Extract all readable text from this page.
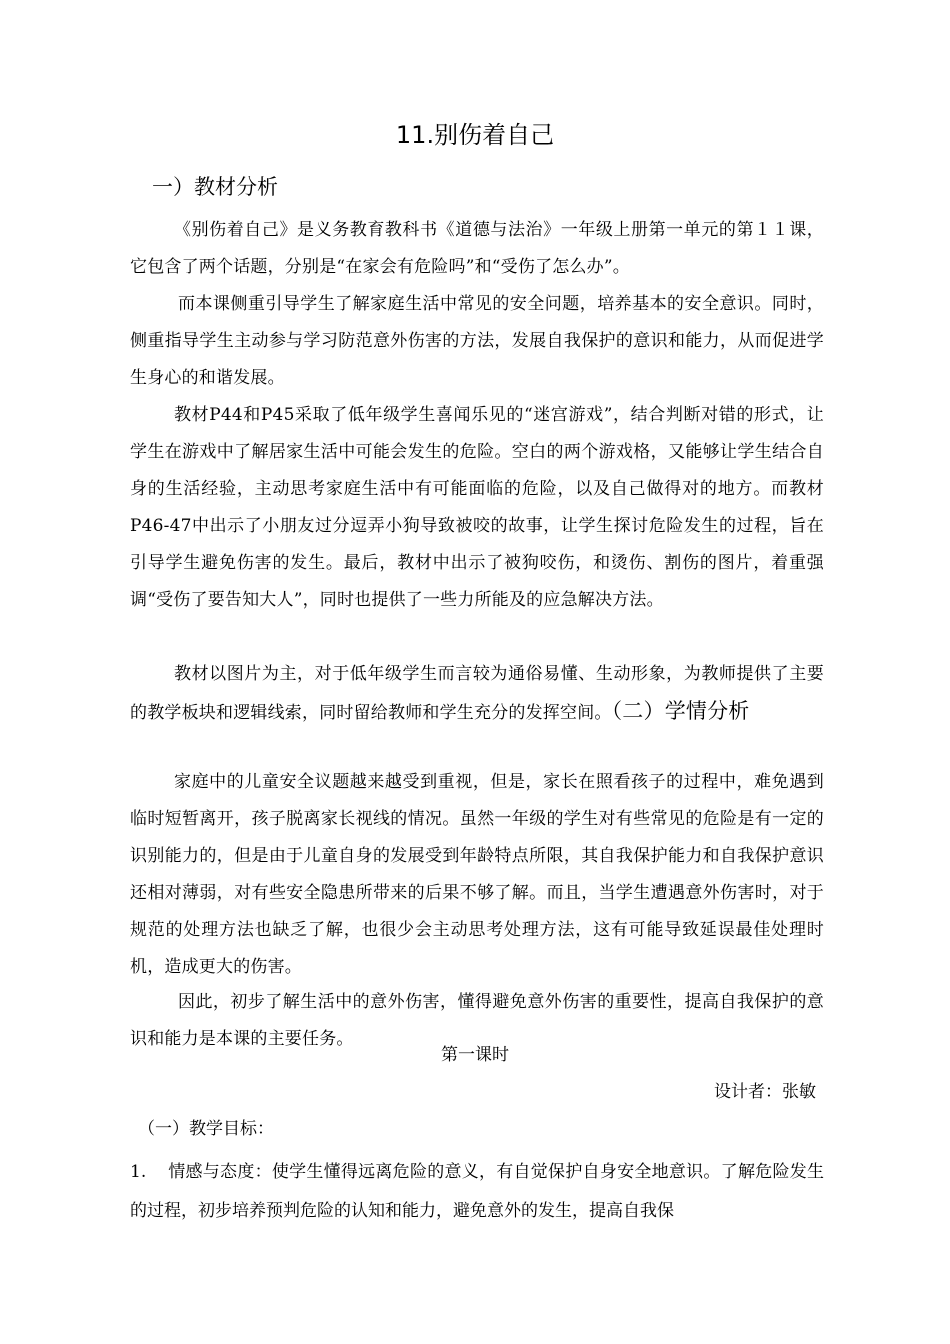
11.别伤着自己
一）教材分析

《别伤着自己》是义务教育教科书《道德与法治》一年级上册第一单元的第１１课，它包含了两个话题，分别是“在家会有危险吗”和“受伤了怎么办”。

而本课侧重引导学生了解家庭生活中常见的安全问题，培养基本的安全意识。同时，侧重指导学生主动参与学习防范意外伤害的方法，发展自我保护的意识和能力，从而促进学生身心的和谐发展。

教材P44和P45采取了低年级学生喜闻乐见的“迷宫游戏”，结合判断对错的形式，让学生在游戏中了解居家生活中可能会发生的危险。空白的两个游戏格，又能够让学生结合自身的生活经验，主动思考家庭生活中有可能面临的危险，以及自己做得对的地方。而教材P46-47中出示了小朋友过分逗弄小狗导致被咬的故事，让学生探讨危险发生的过程，旨在引导学生避免伤害的发生。最后，教材中出示了被狗咬伤，和烫伤、割伤的图片，着重强调“受伤了要告知大人”，同时也提供了一些力所能及的应急解决方法。

教材以图片为主，对于低年级学生而言较为通俗易懂、生动形象，为教师提供了主要的教学板块和逻辑线索，同时留给教师和学生充分的发挥空间。（二）学情分析

家庭中的儿童安全议题越来越受到重视，但是，家长在照看孩子的过程中，难免遇到临时短暂离开，孩子脱离家长视线的情况。虽然一年级的学生对有些常见的危险是有一定的识别能力的，但是由于儿童自身的发展受到年龄特点所限，其自我保护能力和自我保护意识还相对薄弱，对有些安全隐患所带来的后果不够了解。而且，当学生遭遇意外伤害时，对于规范的处理方法也缺乏了解，也很少会主动思考处理方法，这有可能导致延误最佳处理时机，造成更大的伤害。

因此，初步了解生活中的意外伤害，懂得避免意外伤害的重要性，提高自我保护的意识和能力是本课的主要任务。

第一课时
设计者：张敏
（一）教学目标：

1. 情感与态度：使学生懂得远离危险的意义，有自觉保护自身安全地意识。了解危险发生的过程，初步培养预判危险的认知和能力，避免意外的发生，提高自我保
